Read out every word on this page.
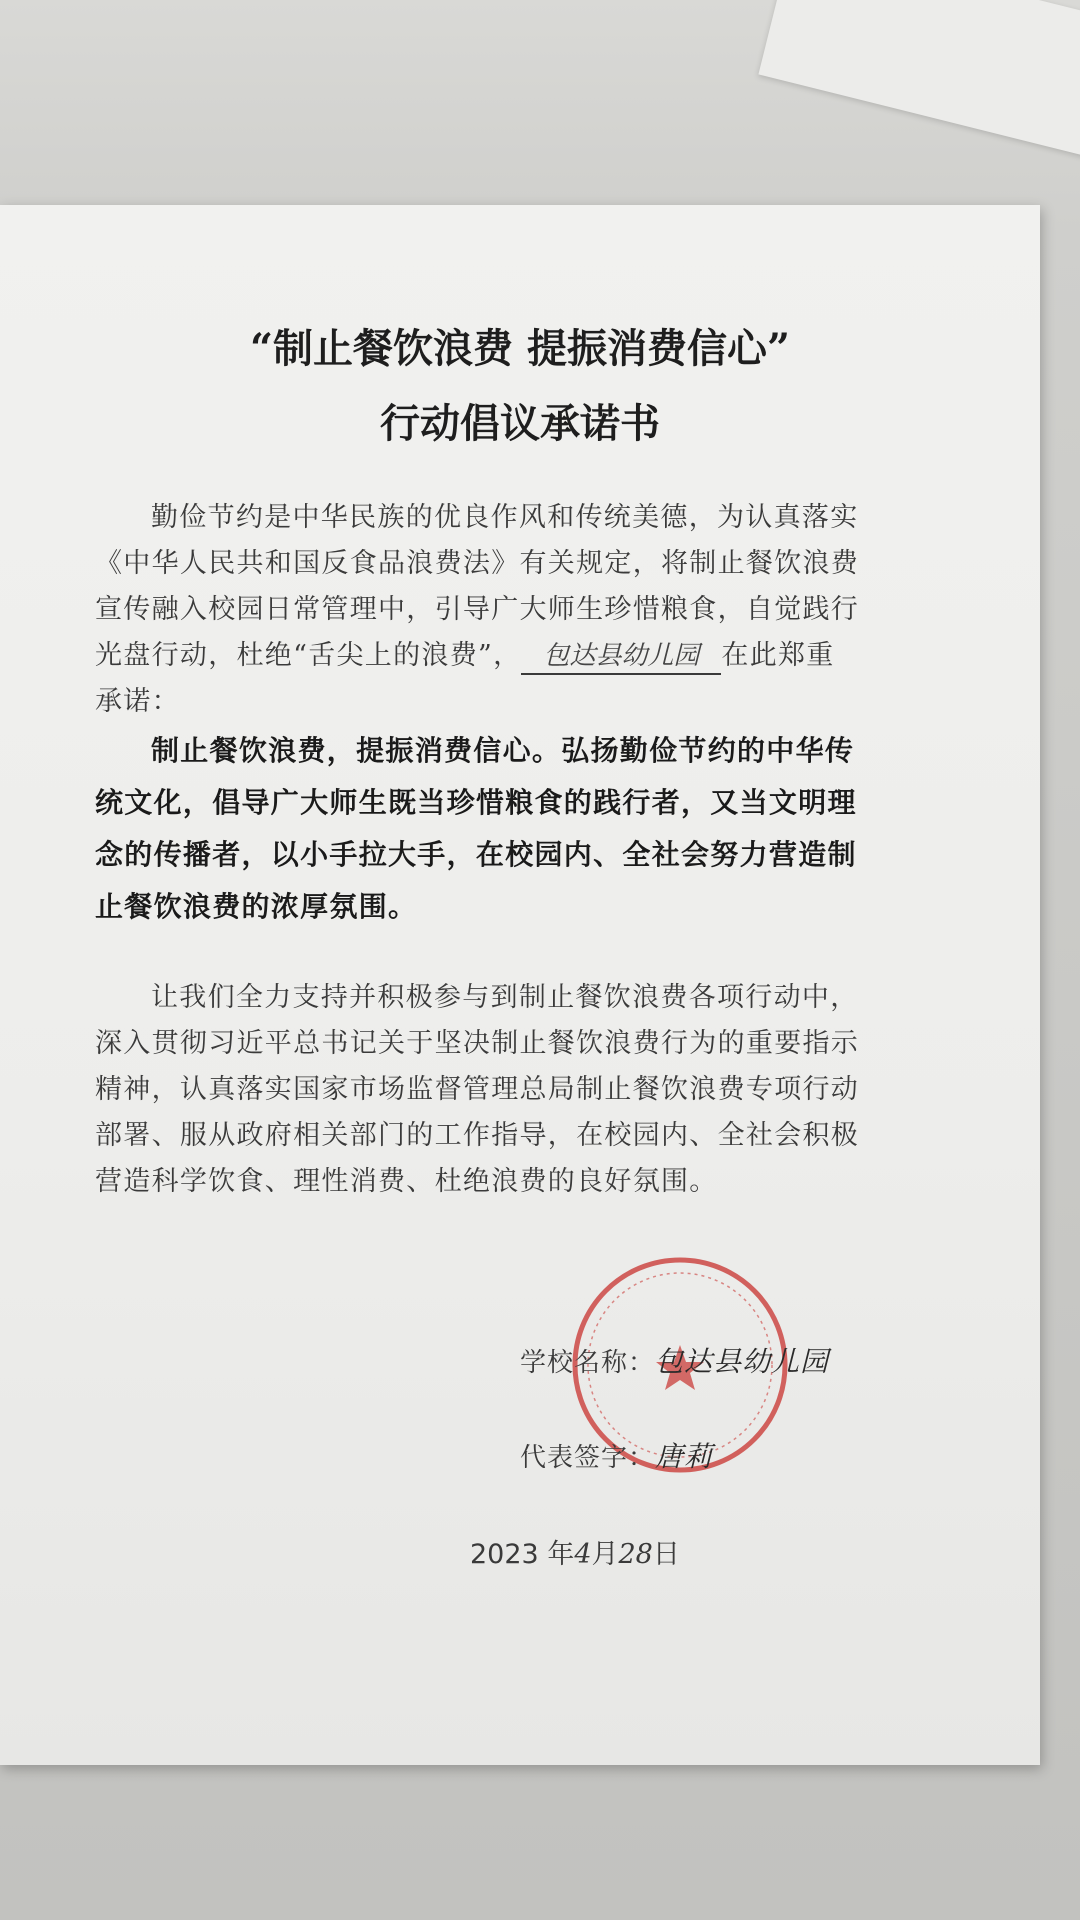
“制止餐饮浪费 提振消费信心”
行动倡议承诺书
勤俭节约是中华民族的优良作风和传统美德，为认真落实《中华人民共和国反食品浪费法》有关规定，将制止餐饮浪费宣传融入校园日常管理中，引导广大师生珍惜粮食，自觉践行光盘行动，杜绝“舌尖上的浪费”， 包达县幼儿园 在此郑重承诺：
制止餐饮浪费，提振消费信心。弘扬勤俭节约的中华传统文化，倡导广大师生既当珍惜粮食的践行者，又当文明理念的传播者，以小手拉大手，在校园内、全社会努力营造制止餐饮浪费的浓厚氛围。
让我们全力支持并积极参与到制止餐饮浪费各项行动中，深入贯彻习近平总书记关于坚决制止餐饮浪费行为的重要指示精神，认真落实国家市场监督管理总局制止餐饮浪费专项行动部署、服从政府相关部门的工作指导，在校园内、全社会积极营造科学饮食、理性消费、杜绝浪费的良好氛围。
学校名称：包达县幼儿园
代表签字：唐莉
2023 年4月28日
